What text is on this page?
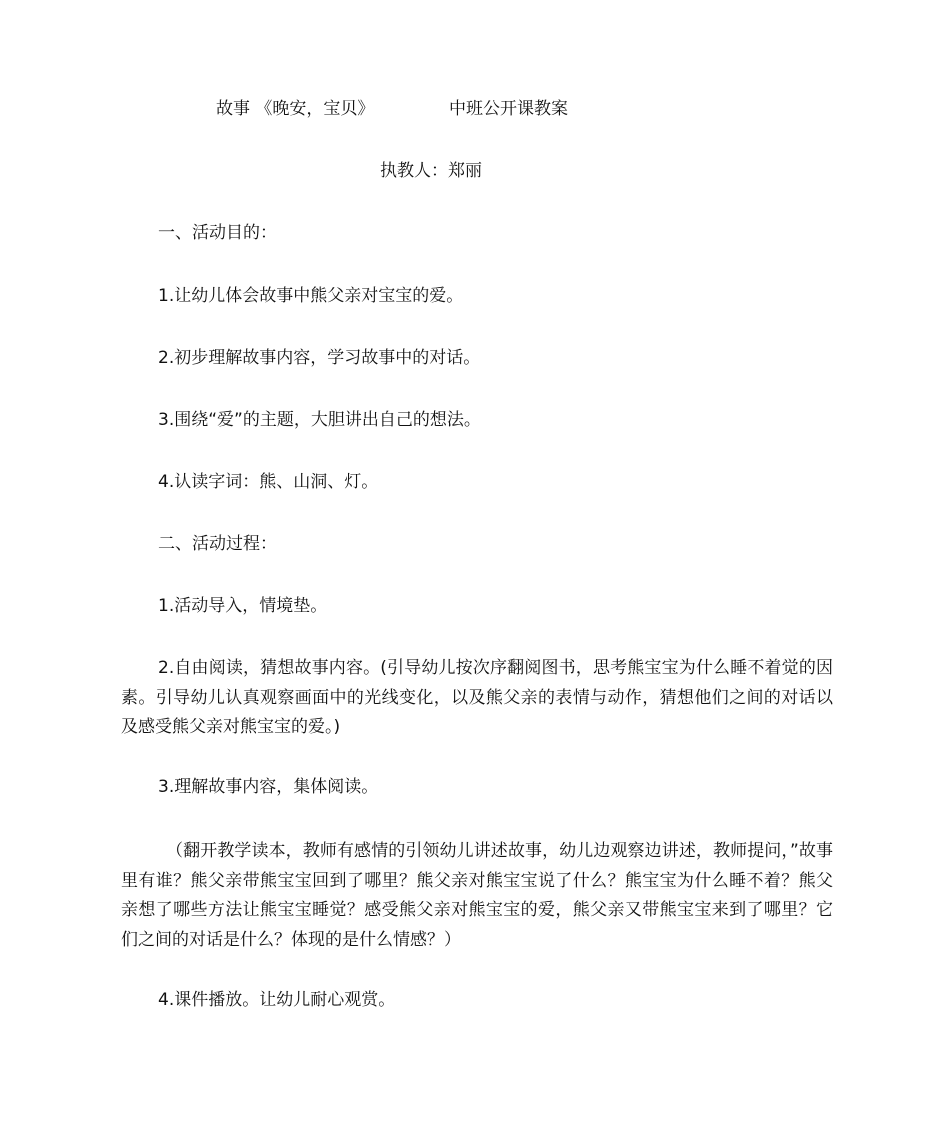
故事 《晚安，宝贝》	中班公开课教案
执教人：郑丽
一、活动目的：
1.让幼儿体会故事中熊父亲对宝宝的爱。
2.初步理解故事内容，学习故事中的对话。
3.围绕“爱”的主题，大胆讲出自己的想法。
4.认读字词：熊、山洞、灯。
二、活动过程：
1.活动导入，情境垫。
2.自由阅读，猜想故事内容。(引导幼儿按次序翻阅图书，思考熊宝宝为什么睡不着觉的因素。引导幼儿认真观察画面中的光线变化，以及熊父亲的表情与动作，猜想他们之间的对话以及感受熊父亲对熊宝宝的爱。)
3.理解故事内容，集体阅读。
（翻开教学读本，教师有感情的引领幼儿讲述故事，幼儿边观察边讲述，教师提问，”故事里有谁？熊父亲带熊宝宝回到了哪里？熊父亲对熊宝宝说了什么？熊宝宝为什么睡不着？熊父亲想了哪些方法让熊宝宝睡觉？感受熊父亲对熊宝宝的爱，熊父亲又带熊宝宝来到了哪里？它们之间的对话是什么？体现的是什么情感？）
4.课件播放。让幼儿耐心观赏。
